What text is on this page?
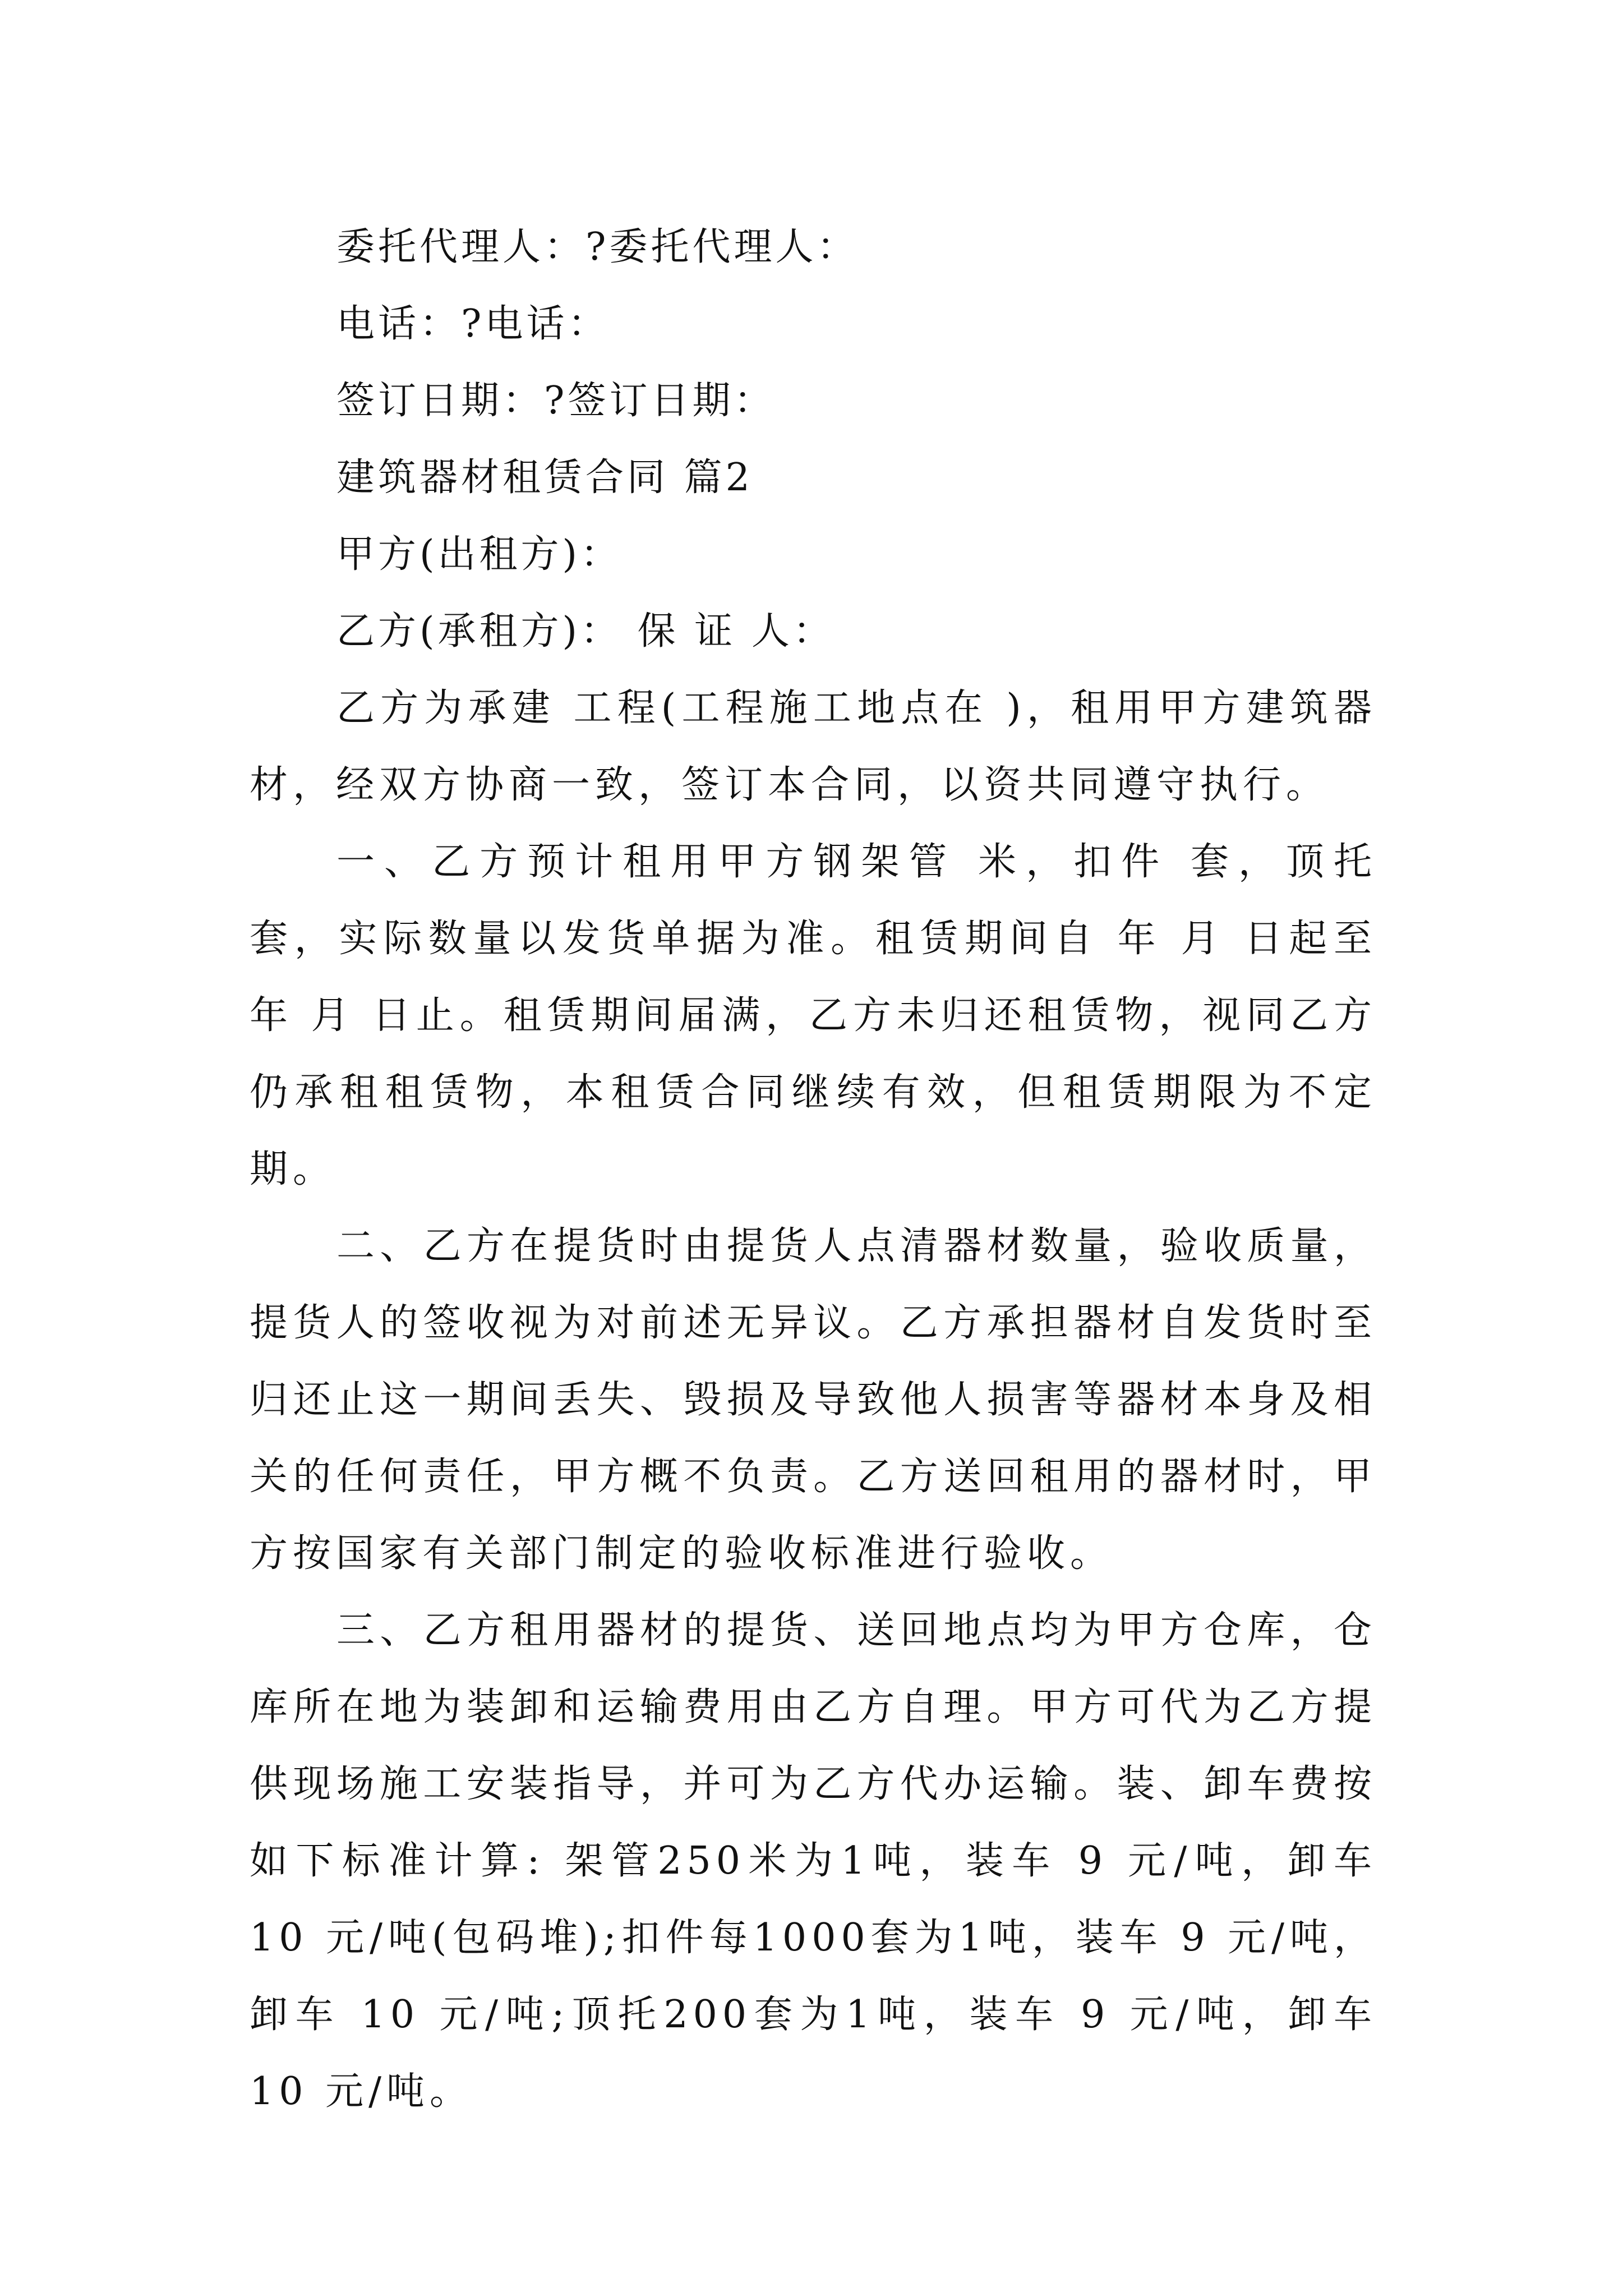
委托代理人：?委托代理人：
电话：?电话：
签订日期：?签订日期：
建筑器材租赁合同 篇2
甲方(出租方)：
乙方(承租方)： 保 证 人：

乙方为承建 工程(工程施工地点在 )，租用甲方建筑器材，经双方协商一致，签订本合同，以资共同遵守执行。

一、乙方预计租用甲方钢架管 米，扣件 套，顶托 套，实际数量以发货单据为准。租赁期间自 年 月 日起至 年 月 日止。租赁期间届满，乙方未归还租赁物，视同乙方仍承租租赁物，本租赁合同继续有效，但租赁期限为不定期。

二、乙方在提货时由提货人点清器材数量，验收质量，提货人的签收视为对前述无异议。乙方承担器材自发货时至归还止这一期间丢失、毁损及导致他人损害等器材本身及相关的任何责任，甲方概不负责。乙方送回租用的器材时，甲方按国家有关部门制定的验收标准进行验收。

三、乙方租用器材的提货、送回地点均为甲方仓库，仓库所在地为装卸和运输费用由乙方自理。甲方可代为乙方提供现场施工安装指导，并可为乙方代办运输。装、卸车费按如下标准计算: 架管250米为1吨，装车 9 元/吨，卸车 10 元/吨(包码堆);扣件每1000套为1吨，装车 9 元/吨，卸车 10 元/吨;顶托200套为1吨，装车 9 元/吨，卸车 10 元/吨。
